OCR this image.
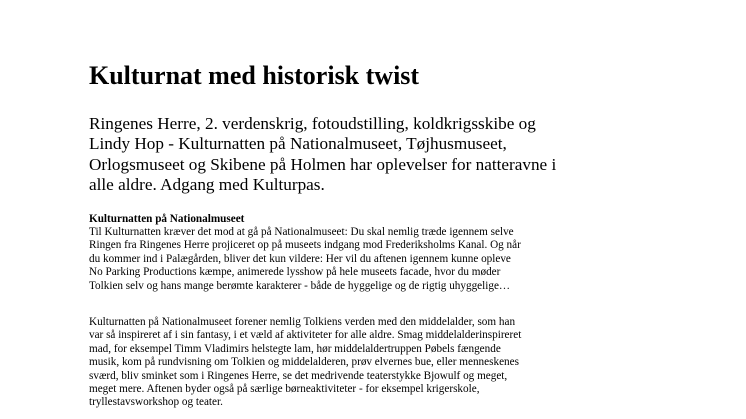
Kulturnat med historisk twist

Ringenes Herre, 2. verdenskrig, fotoudstilling, koldkrigsskibe og
Lindy Hop - Kulturnatten på Nationalmuseet, Tøjhusmuseet,
Orlogsmuseet og Skibene på Holmen har oplevelser for natteravne i
alle aldre. Adgang med Kulturpas.

Kulturnatten på Nationalmuseet

Til Kulturnatten kræver det mod at gå på Nationalmuseet: Du skal nemlig træde igennem selve
Ringen fra Ringenes Herre projiceret op på museets indgang mod Frederiksholms Kanal. Og når
du kommer ind i Palægården, bliver det kun vildere: Her vil du aftenen igennem kunne opleve
No Parking Productions kæmpe, animerede lysshow på hele museets facade, hvor du møder
Tolkien selv og hans mange berømte karakterer - både de hyggelige og de rigtig uhyggelige…

Kulturnatten på Nationalmuseet forener nemlig Tolkiens verden med den middelalder, som han
var så inspireret af i sin fantasy, i et væld af aktiviteter for alle aldre. Smag middelalderinspireret
mad, for eksempel Timm Vladimirs helstegte lam, hør middelaldertruppen Pøbels fængende
musik, kom på rundvisning om Tolkien og middelalderen, prøv elvernes bue, eller menneskenes
sværd, bliv sminket som i Ringenes Herre, se det medrivende teaterstykke Bjowulf og meget,
meget mere. Aftenen byder også på særlige børneaktiviteter - for eksempel krigerskole,
tryllestavsworkshop og teater.
